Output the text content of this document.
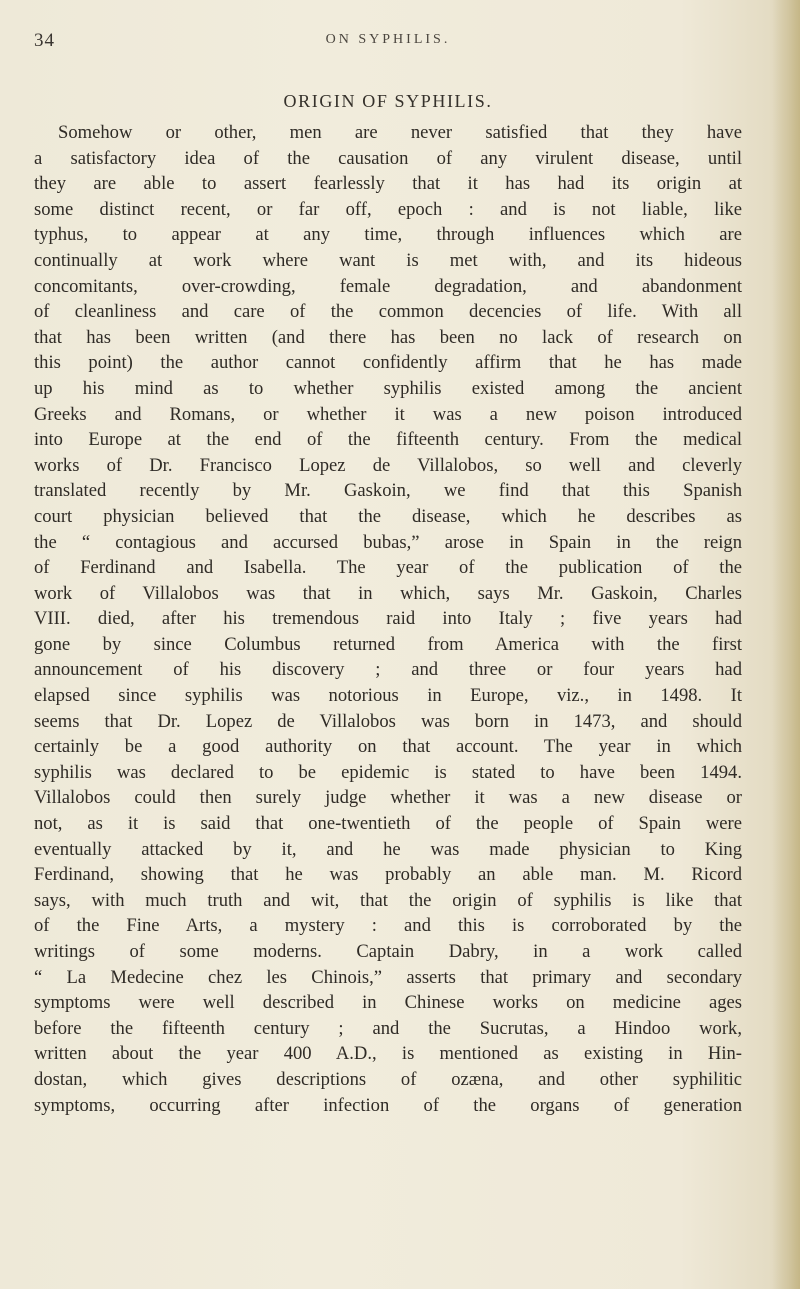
34	ON SYPHILIS.
ORIGIN OF SYPHILIS.
Somehow or other, men are never satisfied that they have
a satisfactory idea of the causation of any virulent disease, until
they are able to assert fearlessly that it has had its origin at
some distinct recent, or far off, epoch : and is not liable, like
typhus, to appear at any time, through influences which are
continually at work where want is met with, and its hideous
concomitants, over-crowding, female degradation, and abandonment
of cleanliness and care of the common decencies of life. With all
that has been written (and there has been no lack of research on
this point) the author cannot confidently affirm that he has made
up his mind as to whether syphilis existed among the ancient
Greeks and Romans, or whether it was a new poison introduced
into Europe at the end of the fifteenth century. From the medical
works of Dr. Francisco Lopez de Villalobos, so well and cleverly
translated recently by Mr. Gaskoin, we find that this Spanish
court physician believed that the disease, which he describes as
the “ contagious and accursed bubas,” arose in Spain in the reign
of Ferdinand and Isabella. The year of the publication of the
work of Villalobos was that in which, says Mr. Gaskoin, Charles
VIII. died, after his tremendous raid into Italy ; five years had
gone by since Columbus returned from America with the first
announcement of his discovery ; and three or four years had
elapsed since syphilis was notorious in Europe, viz., in 1498. It
seems that Dr. Lopez de Villalobos was born in 1473, and should
certainly be a good authority on that account. The year in which
syphilis was declared to be epidemic is stated to have been 1494.
Villalobos could then surely judge whether it was a new disease or
not, as it is said that one-twentieth of the people of Spain were
eventually attacked by it, and he was made physician to King
Ferdinand, showing that he was probably an able man. M. Ricord
says, with much truth and wit, that the origin of syphilis is like that
of the Fine Arts, a mystery : and this is corroborated by the
writings of some moderns. Captain Dabry, in a work called
“ La Medecine chez les Chinois,” asserts that primary and secondary
symptoms were well described in Chinese works on medicine ages
before the fifteenth century ; and the Sucrutas, a Hindoo work,
written about the year 400 A.D., is mentioned as existing in Hin-
dostan, which gives descriptions of ozæna, and other syphilitic
symptoms, occurring after infection of the organs of generation
